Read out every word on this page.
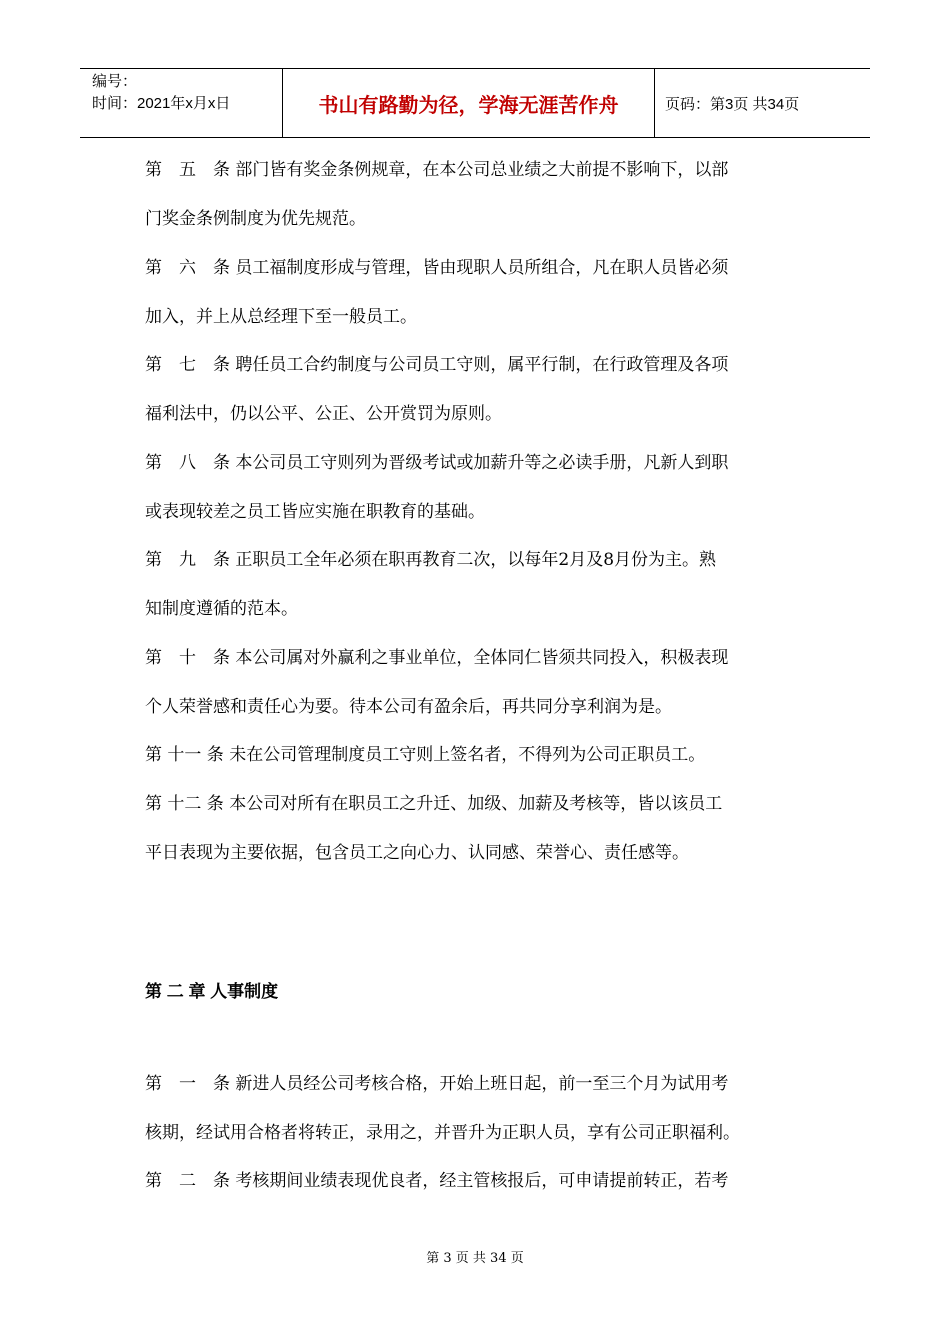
编号：
时间：2021年x月x日	书山有路勤为径，学海无涯苦作舟	页码：第3页 共34页
第　五　条 部门皆有奖金条例规章，在本公司总业绩之大前提不影响下，以部
门奖金条例制度为优先规范。
第　六　条 员工福制度形成与管理，皆由现职人员所组合，凡在职人员皆必须
加入，并上从总经理下至一般员工。
第　七　条 聘任员工合约制度与公司员工守则，属平行制，在行政管理及各项
福利法中，仍以公平、公正、公开赏罚为原则。
第　八　条 本公司员工守则列为晋级考试或加薪升等之必读手册，凡新人到职
或表现较差之员工皆应实施在职教育的基础。
第　九　条 正职员工全年必须在职再教育二次，以每年2月及8月份为主。熟
知制度遵循的范本。
第　十　条 本公司属对外赢利之事业单位，全体同仁皆须共同投入，积极表现
个人荣誉感和责任心为要。待本公司有盈余后，再共同分享利润为是。
第 十一 条 未在公司管理制度员工守则上签名者，不得列为公司正职员工。
第 十二 条 本公司对所有在职员工之升迁、加级、加薪及考核等，皆以该员工
平日表现为主要依据，包含员工之向心力、认同感、荣誉心、责任感等。
第 二 章 人事制度
第　一　条 新进人员经公司考核合格，开始上班日起，前一至三个月为试用考
核期，经试用合格者将转正，录用之，并晋升为正职人员，享有公司正职福利。
第　二　条 考核期间业绩表现优良者，经主管核报后，可申请提前转正，若考
第 3 页 共 34 页
